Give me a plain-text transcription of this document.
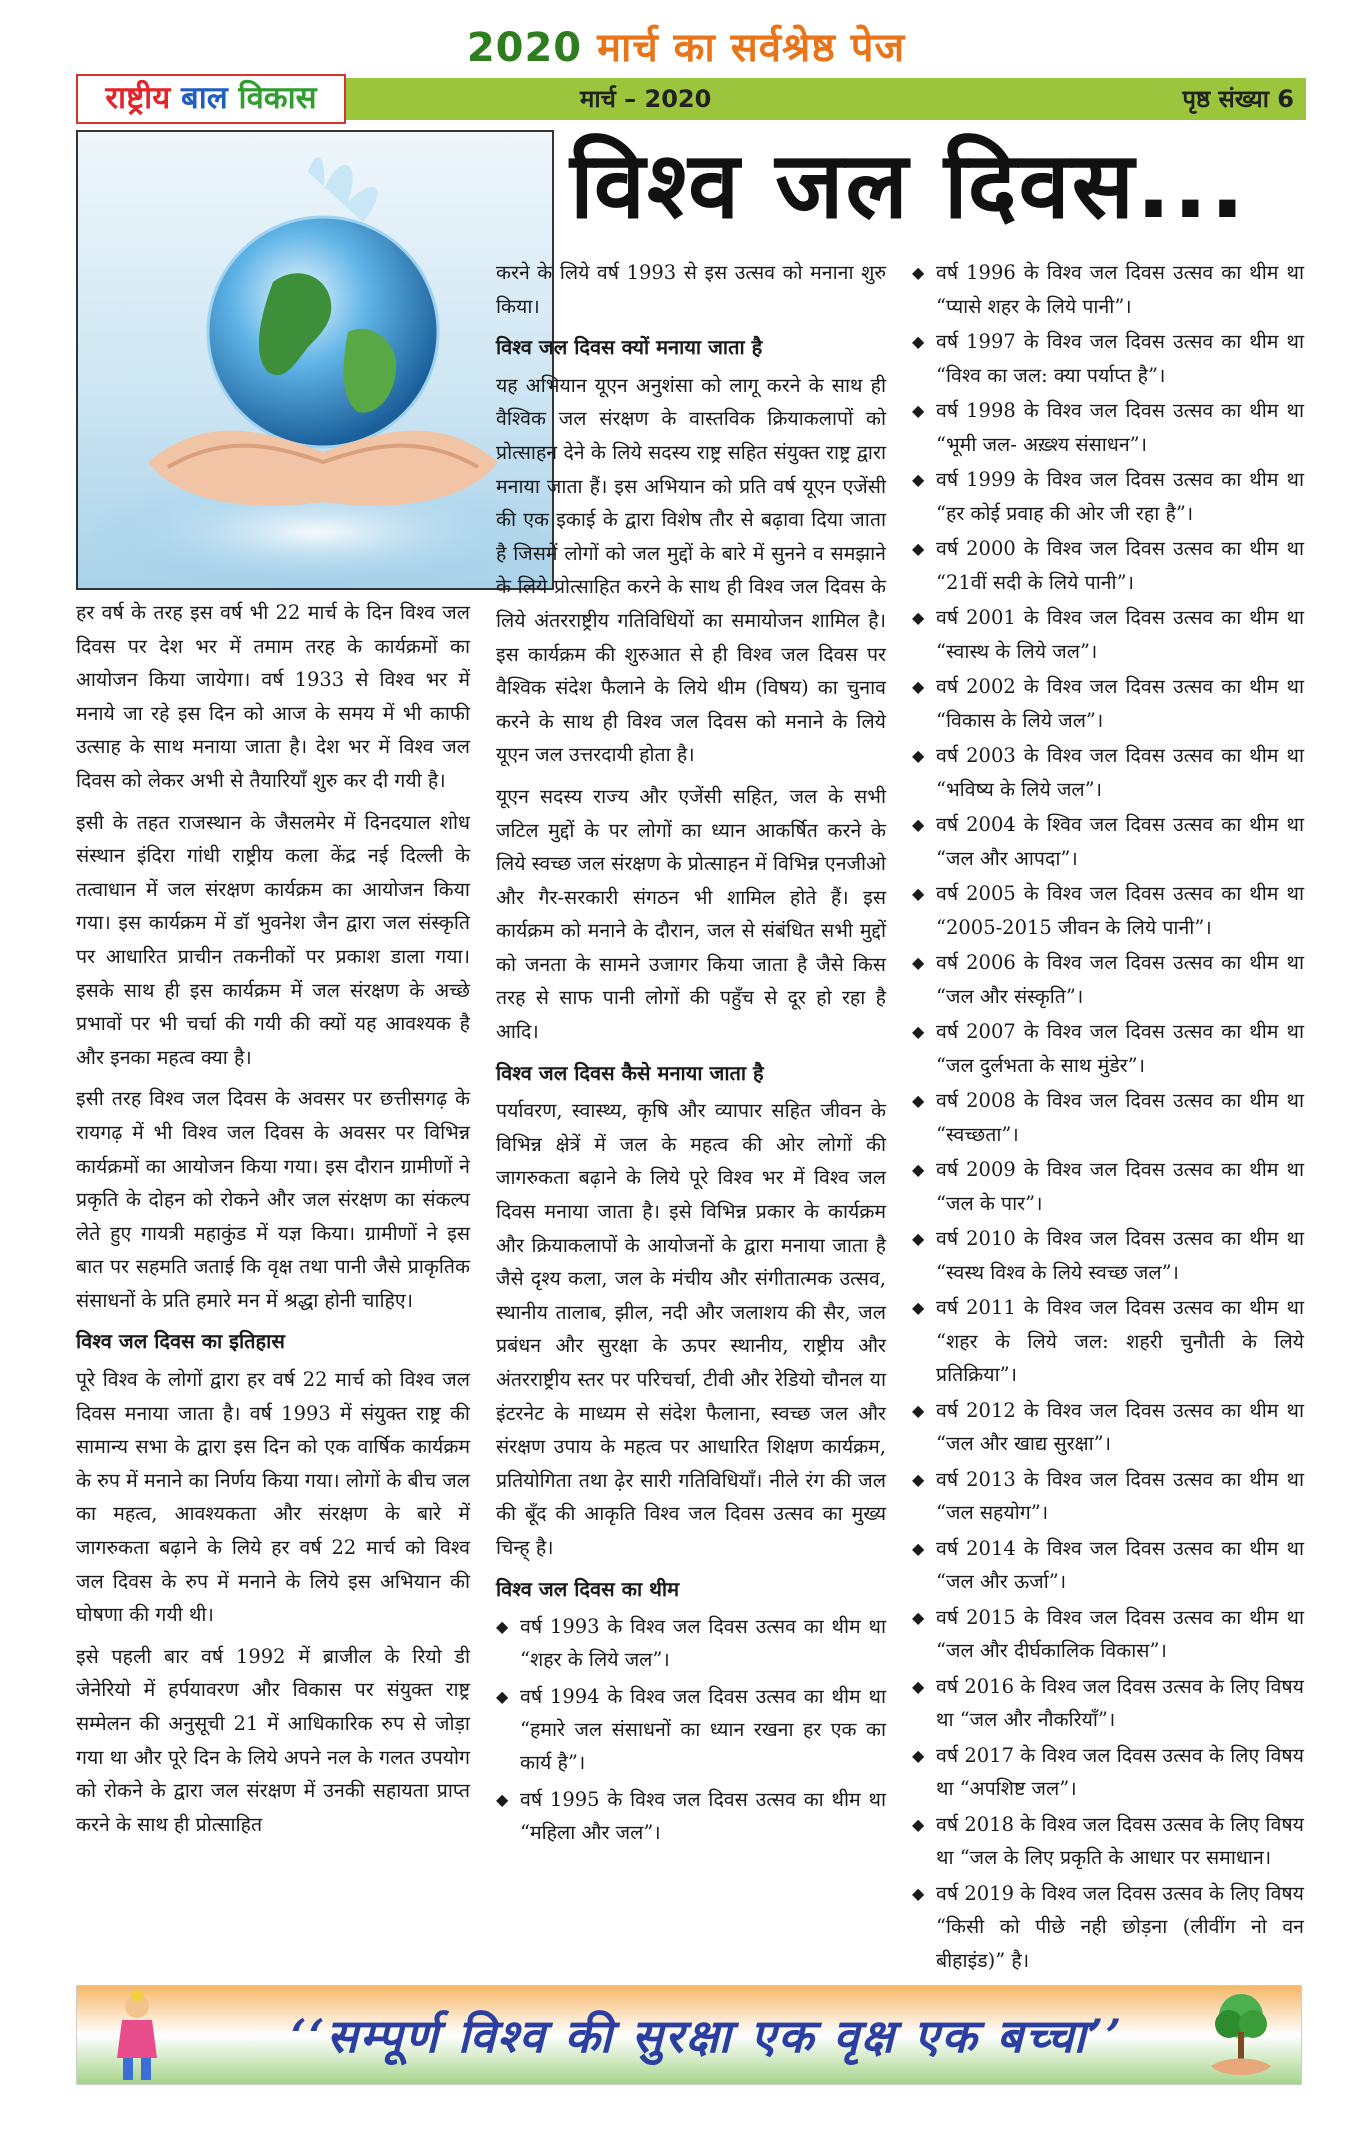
2020 मार्च का सर्वश्रेष्ठ पेज
राष्ट्रीय बाल विकास	मार्च – 2020	पृष्ठ संख्या 6
विश्व जल दिवस...

हर वर्ष के तरह इस वर्ष भी 22 मार्च के दिन विश्व जल दिवस पर देश भर में तमाम तरह के कार्यक्रमों का आयोजन किया जायेगा। वर्ष 1933 से विश्व भर में मनाये जा रहे इस दिन को आज के समय में भी काफी उत्साह के साथ मनाया जाता है। देश भर में विश्व जल दिवस को लेकर अभी से तैयारियाँ शुरु कर दी गयी है।

इसी के तहत राजस्थान के जैसलमेर में दिनदयाल शोध संस्थान इंदिरा गांधी राष्ट्रीय कला केंद्र नई दिल्ली के तत्वाधान में जल संरक्षण कार्यक्रम का आयोजन किया गया। इस कार्यक्रम में डॉ भुवनेश जैन द्वारा जल संस्कृति पर आधारित प्राचीन तकनीकों पर प्रकाश डाला गया। इसके साथ ही इस कार्यक्रम में जल संरक्षण के अच्छे प्रभावों पर भी चर्चा की गयी की क्यों यह आवश्यक है और इनका महत्व क्या है।

इसी तरह विश्व जल दिवस के अवसर पर छत्तीसगढ़ के रायगढ़ में भी विश्व जल दिवस के अवसर पर विभिन्न कार्यक्रमों का आयोजन किया गया। इस दौरान ग्रामीणों ने प्रकृति के दोहन को रोकने और जल संरक्षण का संकल्प लेते हुए गायत्री महाकुंड में यज्ञ किया। ग्रामीणों ने इस बात पर सहमति जताई कि वृक्ष तथा पानी जैसे प्राकृतिक संसाधनों के प्रति हमारे मन में श्रद्धा होनी चाहिए।

विश्व जल दिवस का इतिहास

पूरे विश्व के लोगों द्वारा हर वर्ष 22 मार्च को विश्व जल दिवस मनाया जाता है। वर्ष 1993 में संयुक्त राष्ट्र की सामान्य सभा के द्वारा इस दिन को एक वार्षिक कार्यक्रम के रुप में मनाने का निर्णय किया गया। लोगों के बीच जल का महत्व, आवश्यकता और संरक्षण के बारे में जागरुकता बढ़ाने के लिये हर वर्ष 22 मार्च को विश्व जल दिवस के रुप में मनाने के लिये इस अभियान की घोषणा की गयी थी।

इसे पहली बार वर्ष 1992 में ब्राजील के रियो डी जेनेरियो में हर्पयावरण और विकास पर संयुक्त राष्ट्र सम्मेलन की अनुसूची 21 में आधिकारिक रुप से जोड़ा गया था और पूरे दिन के लिये अपने नल के गलत उपयोग को रोकने के द्वारा जल संरक्षण में उनकी सहायता प्राप्त करने के साथ ही प्रोत्साहित

करने के लिये वर्ष 1993 से इस उत्सव को मनाना शुरु किया।

विश्व जल दिवस क्यों मनाया जाता है

यह अभियान यूएन अनुशंसा को लागू करने के साथ ही वैश्विक जल संरक्षण के वास्तविक क्रियाकलापों को प्रोत्साहन देने के लिये सदस्य राष्ट्र सहित संयुक्त राष्ट्र द्वारा मनाया जाता हैं। इस अभियान को प्रति वर्ष यूएन एजेंसी की एक इकाई के द्वारा विशेष तौर से बढ़ावा दिया जाता है जिसमें लोगों को जल मुद्दों के बारे में सुनने व समझाने के लिये प्रोत्साहित करने के साथ ही विश्व जल दिवस के लिये अंतरराष्ट्रीय गतिविधियों का समायोजन शामिल है। इस कार्यक्रम की शुरुआत से ही विश्व जल दिवस पर वैश्विक संदेश फैलाने के लिये थीम (विषय) का चुनाव करने के साथ ही विश्व जल दिवस को मनाने के लिये यूएन जल उत्तरदायी होता है।

यूएन सदस्य राज्य और एजेंसी सहित, जल के सभी जटिल मुद्दों के पर लोगों का ध्यान आकर्षित करने के लिये स्वच्छ जल संरक्षण के प्रोत्साहन में विभिन्न एनजीओ और गैर-सरकारी संगठन भी शामिल होते हैं। इस कार्यक्रम को मनाने के दौरान, जल से संबंधित सभी मुद्दों को जनता के सामने उजागर किया जाता है जैसे किस तरह से साफ पानी लोगों की पहुँच से दूर हो रहा है आदि।

विश्व जल दिवस कैसे मनाया जाता है

पर्यावरण, स्वास्थ्य, कृषि और व्यापार सहित जीवन के विभिन्न क्षेत्रें में जल के महत्व की ओर लोगों की जागरुकता बढ़ाने के लिये पूरे विश्व भर में विश्व जल दिवस मनाया जाता है। इसे विभिन्न प्रकार के कार्यक्रम और क्रियाकलापों के आयोजनों के द्वारा मनाया जाता है जैसे दृश्य कला, जल के मंचीय और संगीतात्मक उत्सव, स्थानीय तालाब, झील, नदी और जलाशय की सैर, जल प्रबंधन और सुरक्षा के ऊपर स्थानीय, राष्ट्रीय और अंतरराष्ट्रीय स्तर पर परिचर्चा, टीवी और रेडियो चौनल या इंटरनेट के माध्यम से संदेश फैलाना, स्वच्छ जल और संरक्षण उपाय के महत्व पर आधारित शिक्षण कार्यक्रम, प्रतियोगिता तथा ढ़ेर सारी गतिविधियाँ। नीले रंग की जल की बूँद की आकृति विश्व जल दिवस उत्सव का मुख्य चिन्ह् है।

विश्व जल दिवस का थीम
◆ वर्ष 1993 के विश्व जल दिवस उत्सव का थीम था “शहर के लिये जल”।
◆ वर्ष 1994 के विश्व जल दिवस उत्सव का थीम था “हमारे जल संसाधनों का ध्यान रखना हर एक का कार्य है”।
◆ वर्ष 1995 के विश्व जल दिवस उत्सव का थीम था “महिला और जल”।
◆ वर्ष 1996 के विश्व जल दिवस उत्सव का थीम था “प्यासे शहर के लिये पानी”।
◆ वर्ष 1997 के विश्व जल दिवस उत्सव का थीम था “विश्व का जल: क्या पर्याप्त है”।
◆ वर्ष 1998 के विश्व जल दिवस उत्सव का थीम था “भूमी जल- अख़्श्य संसाधन”।
◆ वर्ष 1999 के विश्व जल दिवस उत्सव का थीम था “हर कोई प्रवाह की ओर जी रहा है”।
◆ वर्ष 2000 के विश्व जल दिवस उत्सव का थीम था “21वीं सदी के लिये पानी”।
◆ वर्ष 2001 के विश्व जल दिवस उत्सव का थीम था “स्वास्थ के लिये जल”।
◆ वर्ष 2002 के विश्व जल दिवस उत्सव का थीम था “विकास के लिये जल”।
◆ वर्ष 2003 के विश्व जल दिवस उत्सव का थीम था “भविष्य के लिये जल”।
◆ वर्ष 2004 के श्विव जल दिवस उत्सव का थीम था “जल और आपदा”।
◆ वर्ष 2005 के विश्व जल दिवस उत्सव का थीम था “2005-2015 जीवन के लिये पानी”।
◆ वर्ष 2006 के विश्व जल दिवस उत्सव का थीम था “जल और संस्कृति”।
◆ वर्ष 2007 के विश्व जल दिवस उत्सव का थीम था “जल दुर्लभता के साथ मुंडेर”।
◆ वर्ष 2008 के विश्व जल दिवस उत्सव का थीम था “स्वच्छता”।
◆ वर्ष 2009 के विश्व जल दिवस उत्सव का थीम था “जल के पार”।
◆ वर्ष 2010 के विश्व जल दिवस उत्सव का थीम था “स्वस्थ विश्व के लिये स्वच्छ जल”।
◆ वर्ष 2011 के विश्व जल दिवस उत्सव का थीम था “शहर के लिये जल: शहरी चुनौती के लिये प्रतिक्रिया”।
◆ वर्ष 2012 के विश्व जल दिवस उत्सव का थीम था “जल और खाद्य सुरक्षा”।
◆ वर्ष 2013 के विश्व जल दिवस उत्सव का थीम था “जल सहयोग”।
◆ वर्ष 2014 के विश्व जल दिवस उत्सव का थीम था “जल और ऊर्जा”।
◆ वर्ष 2015 के विश्व जल दिवस उत्सव का थीम था “जल और दीर्घकालिक विकास”।
◆ वर्ष 2016 के विश्व जल दिवस उत्सव के लिए विषय था “जल और नौकरियाँ”।
◆ वर्ष 2017 के विश्व जल दिवस उत्सव के लिए विषय था “अपशिष्ट जल”।
◆ वर्ष 2018 के विश्व जल दिवस उत्सव के लिए विषय था “जल के लिए प्रकृति के आधार पर समाधान।
◆ वर्ष 2019 के विश्व जल दिवस उत्सव के लिए विषय “किसी को पीछे नही छोड़ना (लीवींग नो वन बीहाइंड)” है।
‘‘सम्पूर्ण विश्व की सुरक्षा एक वृक्ष एक बच्चा’’
